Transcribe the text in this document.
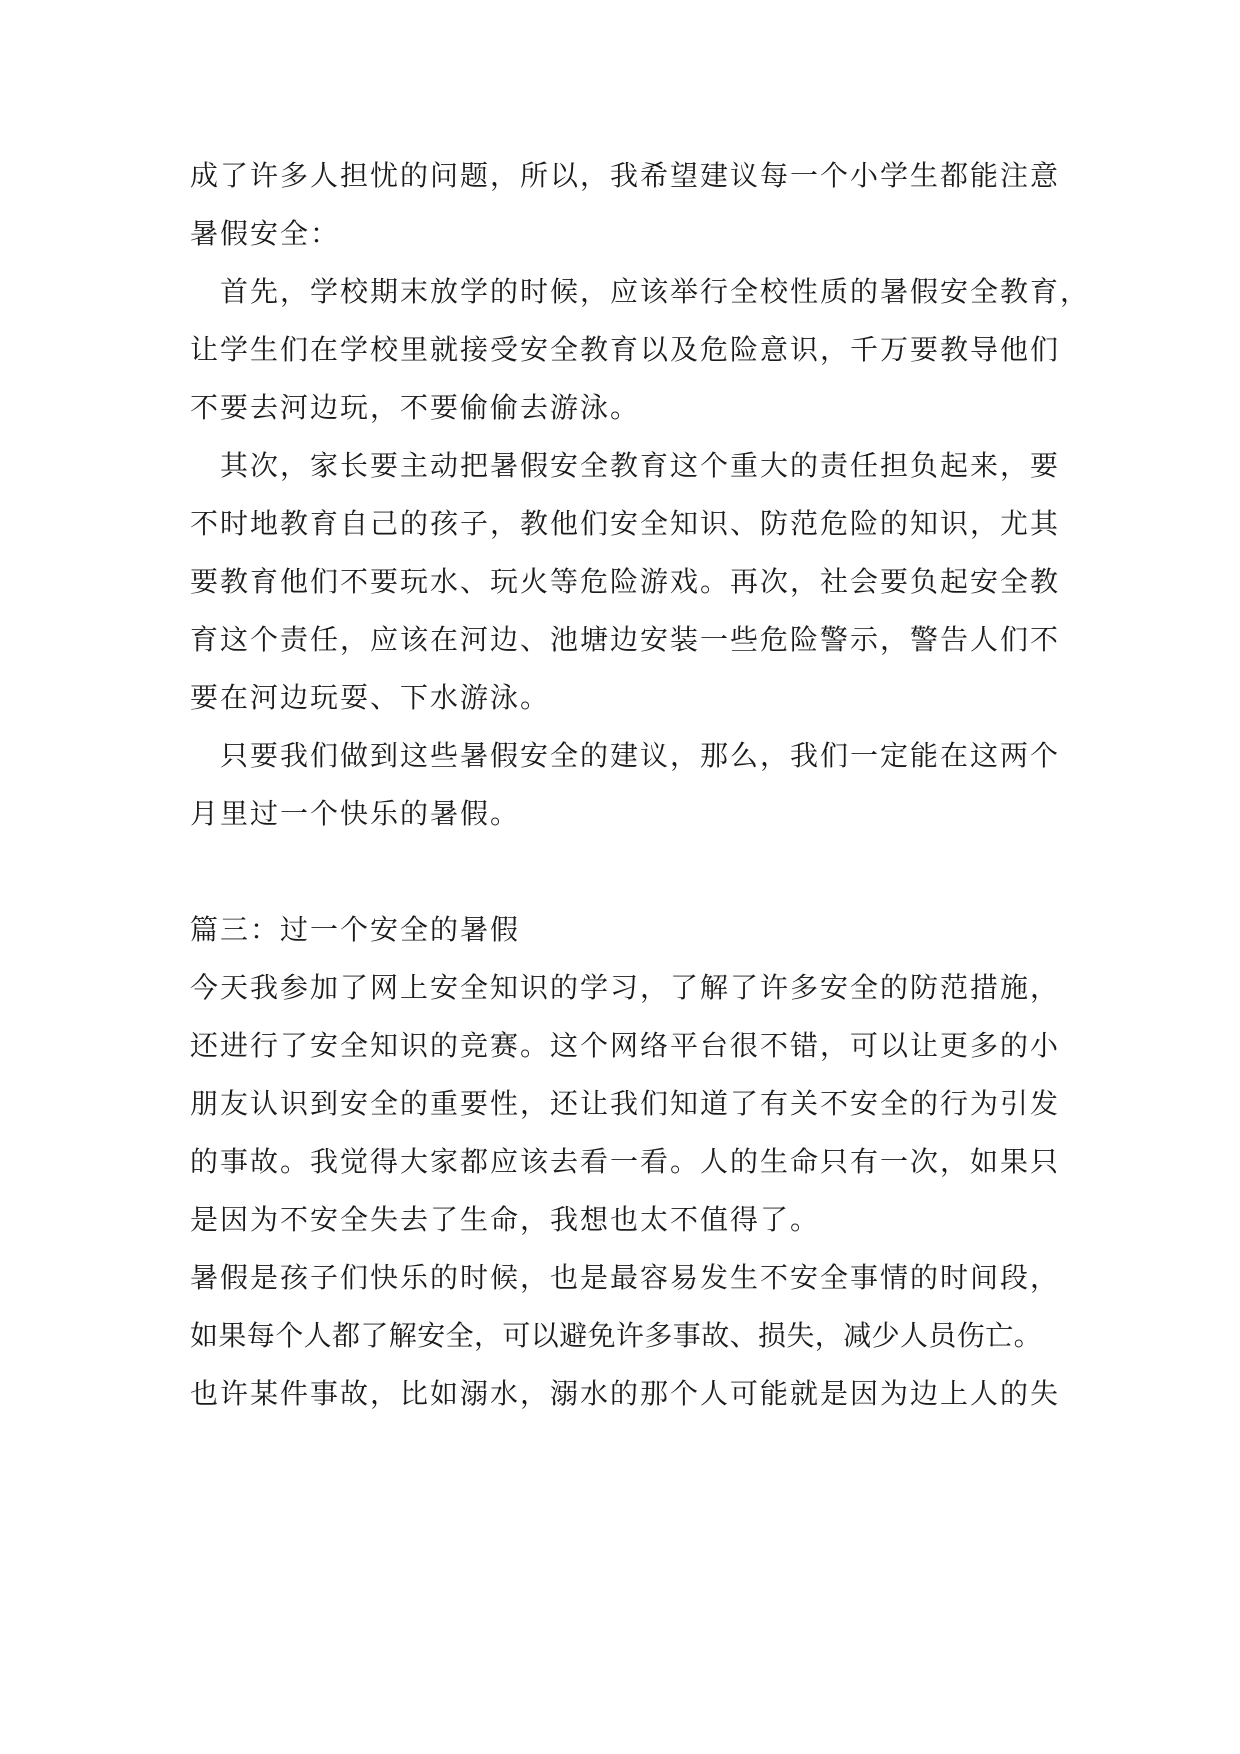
成了许多人担忧的问题，所以，我希望建议每一个小学生都能注意

暑假安全：

　首先，学校期末放学的时候，应该举行全校性质的暑假安全教育，

让学生们在学校里就接受安全教育以及危险意识，千万要教导他们

不要去河边玩，不要偷偷去游泳。

　其次，家长要主动把暑假安全教育这个重大的责任担负起来，要

不时地教育自己的孩子，教他们安全知识、防范危险的知识，尤其

要教育他们不要玩水、玩火等危险游戏。再次，社会要负起安全教

育这个责任，应该在河边、池塘边安装一些危险警示，警告人们不

要在河边玩耍、下水游泳。

　只要我们做到这些暑假安全的建议，那么，我们一定能在这两个

月里过一个快乐的暑假。

篇三：过一个安全的暑假

今天我参加了网上安全知识的学习，了解了许多安全的防范措施，

还进行了安全知识的竞赛。这个网络平台很不错，可以让更多的小

朋友认识到安全的重要性，还让我们知道了有关不安全的行为引发

的事故。我觉得大家都应该去看一看。人的生命只有一次，如果只

是因为不安全失去了生命，我想也太不值得了。

暑假是孩子们快乐的时候，也是最容易发生不安全事情的时间段，

如果每个人都了解安全，可以避免许多事故、损失，减少人员伤亡。

也许某件事故，比如溺水，溺水的那个人可能就是因为边上人的失
